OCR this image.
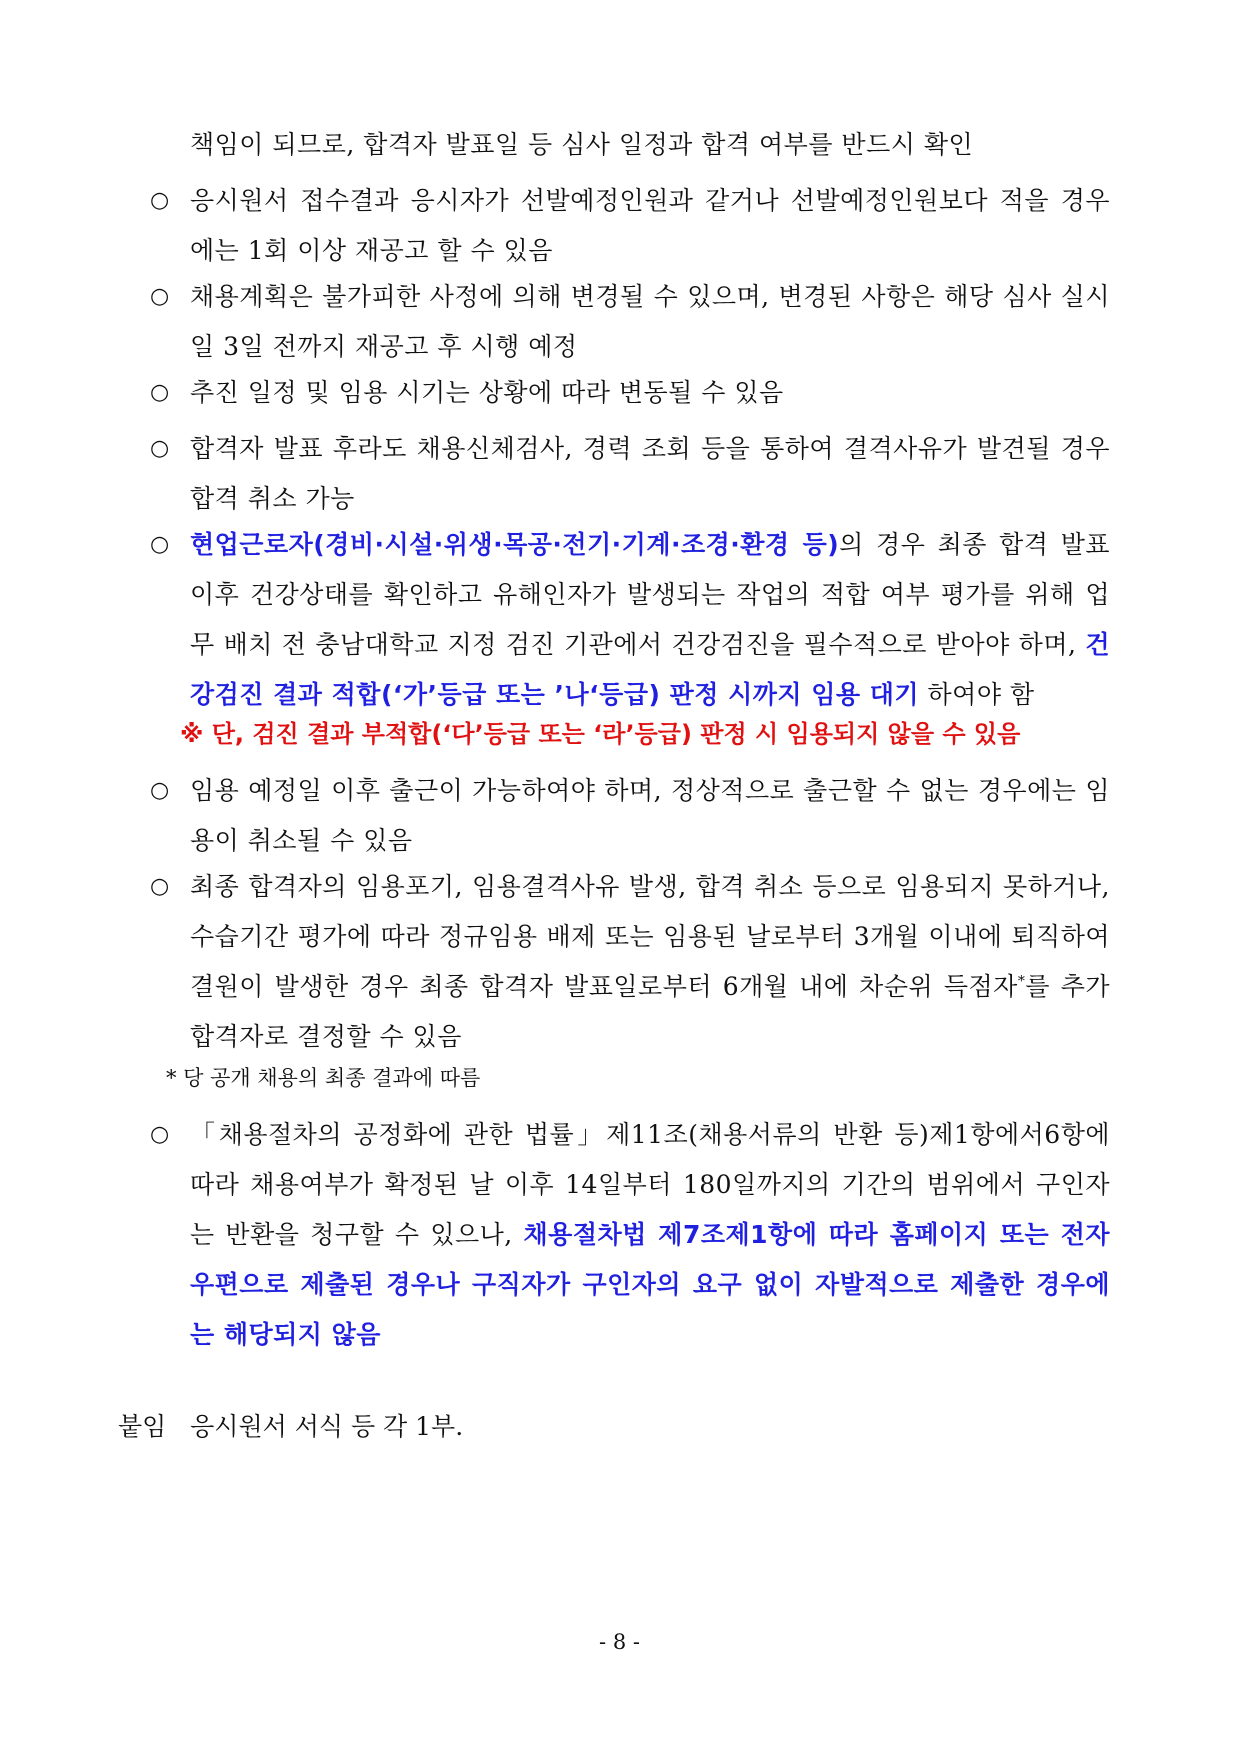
책임이 되므로, 합격자 발표일 등 심사 일정과 합격 여부를 반드시 확인
○ 응시원서 접수결과 응시자가 선발예정인원과 같거나 선발예정인원보다 적을 경우에는 1회 이상 재공고 할 수 있음
○ 채용계획은 불가피한 사정에 의해 변경될 수 있으며, 변경된 사항은 해당 심사 실시일 3일 전까지 재공고 후 시행 예정
○ 추진 일정 및 임용 시기는 상황에 따라 변동될 수 있음
○ 합격자 발표 후라도 채용신체검사, 경력 조회 등을 통하여 결격사유가 발견될 경우 합격 취소 가능
○ 현업근로자(경비·시설·위생·목공·전기·기계·조경·환경 등)의 경우 최종 합격 발표 이후 건강상태를 확인하고 유해인자가 발생되는 작업의 적합 여부 평가를 위해 업무 배치 전 충남대학교 지정 검진 기관에서 건강검진을 필수적으로 받아야 하며, 건강검진 결과 적합(‘가’등급 또는 ’나‘등급) 판정 시까지 임용 대기 하여야 함
※ 단, 검진 결과 부적합(‘다’등급 또는 ‘라’등급) 판정 시 임용되지 않을 수 있음
○ 임용 예정일 이후 출근이 가능하여야 하며, 정상적으로 출근할 수 없는 경우에는 임용이 취소될 수 있음
○ 최종 합격자의 임용포기, 임용결격사유 발생, 합격 취소 등으로 임용되지 못하거나, 수습기간 평가에 따라 정규임용 배제 또는 임용된 날로부터 3개월 이내에 퇴직하여 결원이 발생한 경우 최종 합격자 발표일로부터 6개월 내에 차순위 득점자*를 추가합격자로 결정할 수 있음
* 당 공개 채용의 최종 결과에 따름
○ 「채용절차의 공정화에 관한 법률」제11조(채용서류의 반환 등)제1항에서6항에 따라 채용여부가 확정된 날 이후 14일부터 180일까지의 기간의 범위에서 구인자는 반환을 청구할 수 있으나, 채용절차법 제7조제1항에 따라 홈페이지 또는 전자우편으로 제출된 경우나 구직자가 구인자의 요구 없이 자발적으로 제출한 경우에는 해당되지 않음
붙임 응시원서 서식 등 각 1부.
- 8 -
